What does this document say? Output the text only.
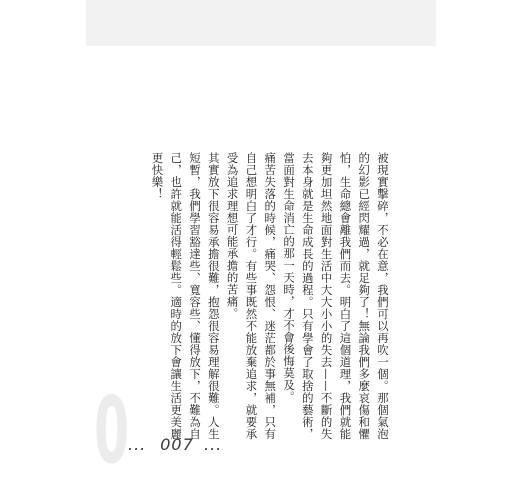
被現實擊碎，不必在意，我們可以再吹一個。那個氣泡的幻影已經閃耀過，就足夠了！無論我們多麼哀傷和懼怕，生命總會離我們而去。明白了這個道理，我們就能夠更加坦然地面對生活中大大小小的失去——不斷的失去本身就是生命成長的過程。只有學會了取捨的藝術，當面對生命消亡的那一天時，才不會後悔莫及。

痛苦失落的時候，痛哭、怨恨、迷茫都於事無補，只有自己想明白了才行。有些事既然不能放棄追求，就要承受為追求理想可能承擔的苦痛。

其實放下很容易承擔很難，抱怨很容易理解很難。人生短暫，我們學習豁達些、寬容些、懂得放下，不難為自己，也許就能活得輕鬆些。適時的放下會讓生活更美麗更快樂！

0
... 007 ...
